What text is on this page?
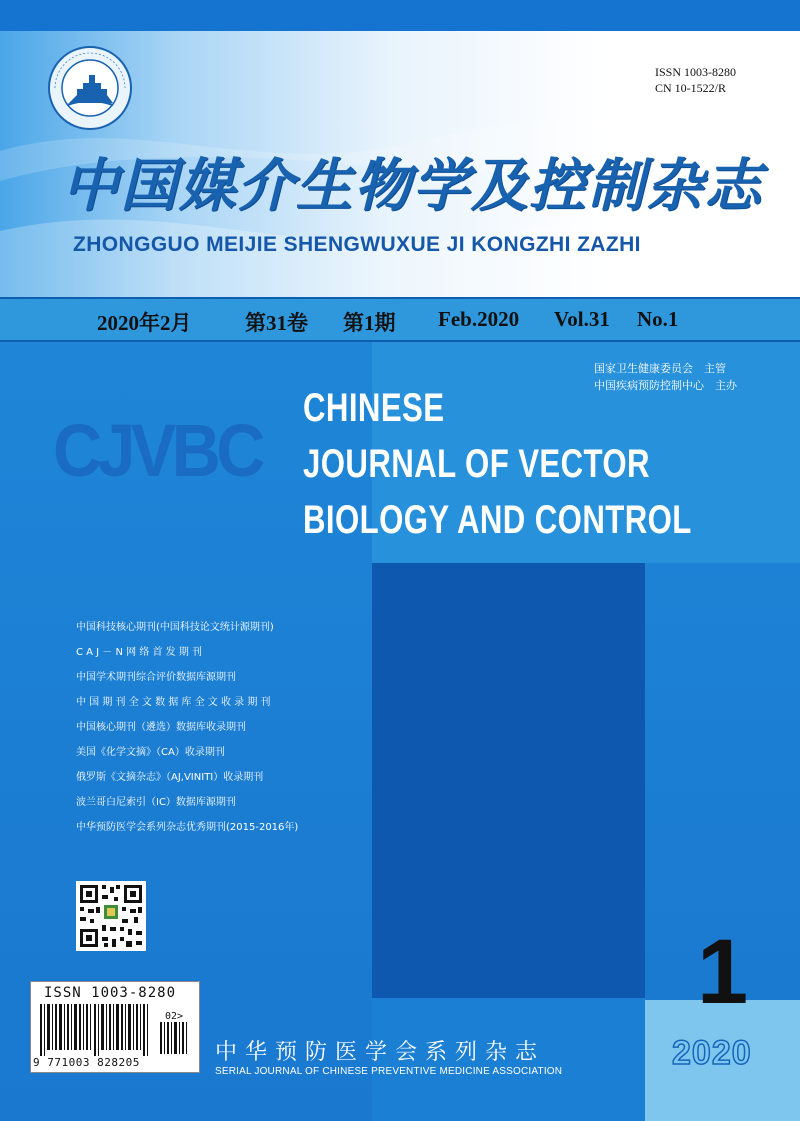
ISSN 1003-8280
CN 10-1522/R
中国媒介生物学及控制杂志
ZHONGGUO MEIJIE SHENGWUXUE JI KONGZHI ZAZHI
2020年2月	第31卷 第1期 Feb.2020 Vol.31 No.1
国家卫生健康委员会　主管
中国疾病预防控制中心　主办
CJVBC
CHINESE
JOURNAL OF VECTOR
BIOLOGY AND CONTROL
中国科技核心期刊(中国科技论文统计源期刊)
C A J － N 网 络 首 发 期 刊
中国学术期刊综合评价数据库源期刊
中 国 期 刊 全 文 数 据 库 全 文 收 录 期 刊
中国核心期刊（遴选）数据库收录期刊
美国《化学文摘》（CA）收录期刊
俄罗斯《文摘杂志》（AJ,VINITI）收录期刊
波兰哥白尼索引（IC）数据库源期刊
中华预防医学会系列杂志优秀期刊(2015-2016年)
ISSN 1003-8280
02>
9 771003 828205	中华预防医学会系列杂志
SERIAL JOURNAL OF CHINESE PREVENTIVE MEDICINE ASSOCIATION
1
2020
